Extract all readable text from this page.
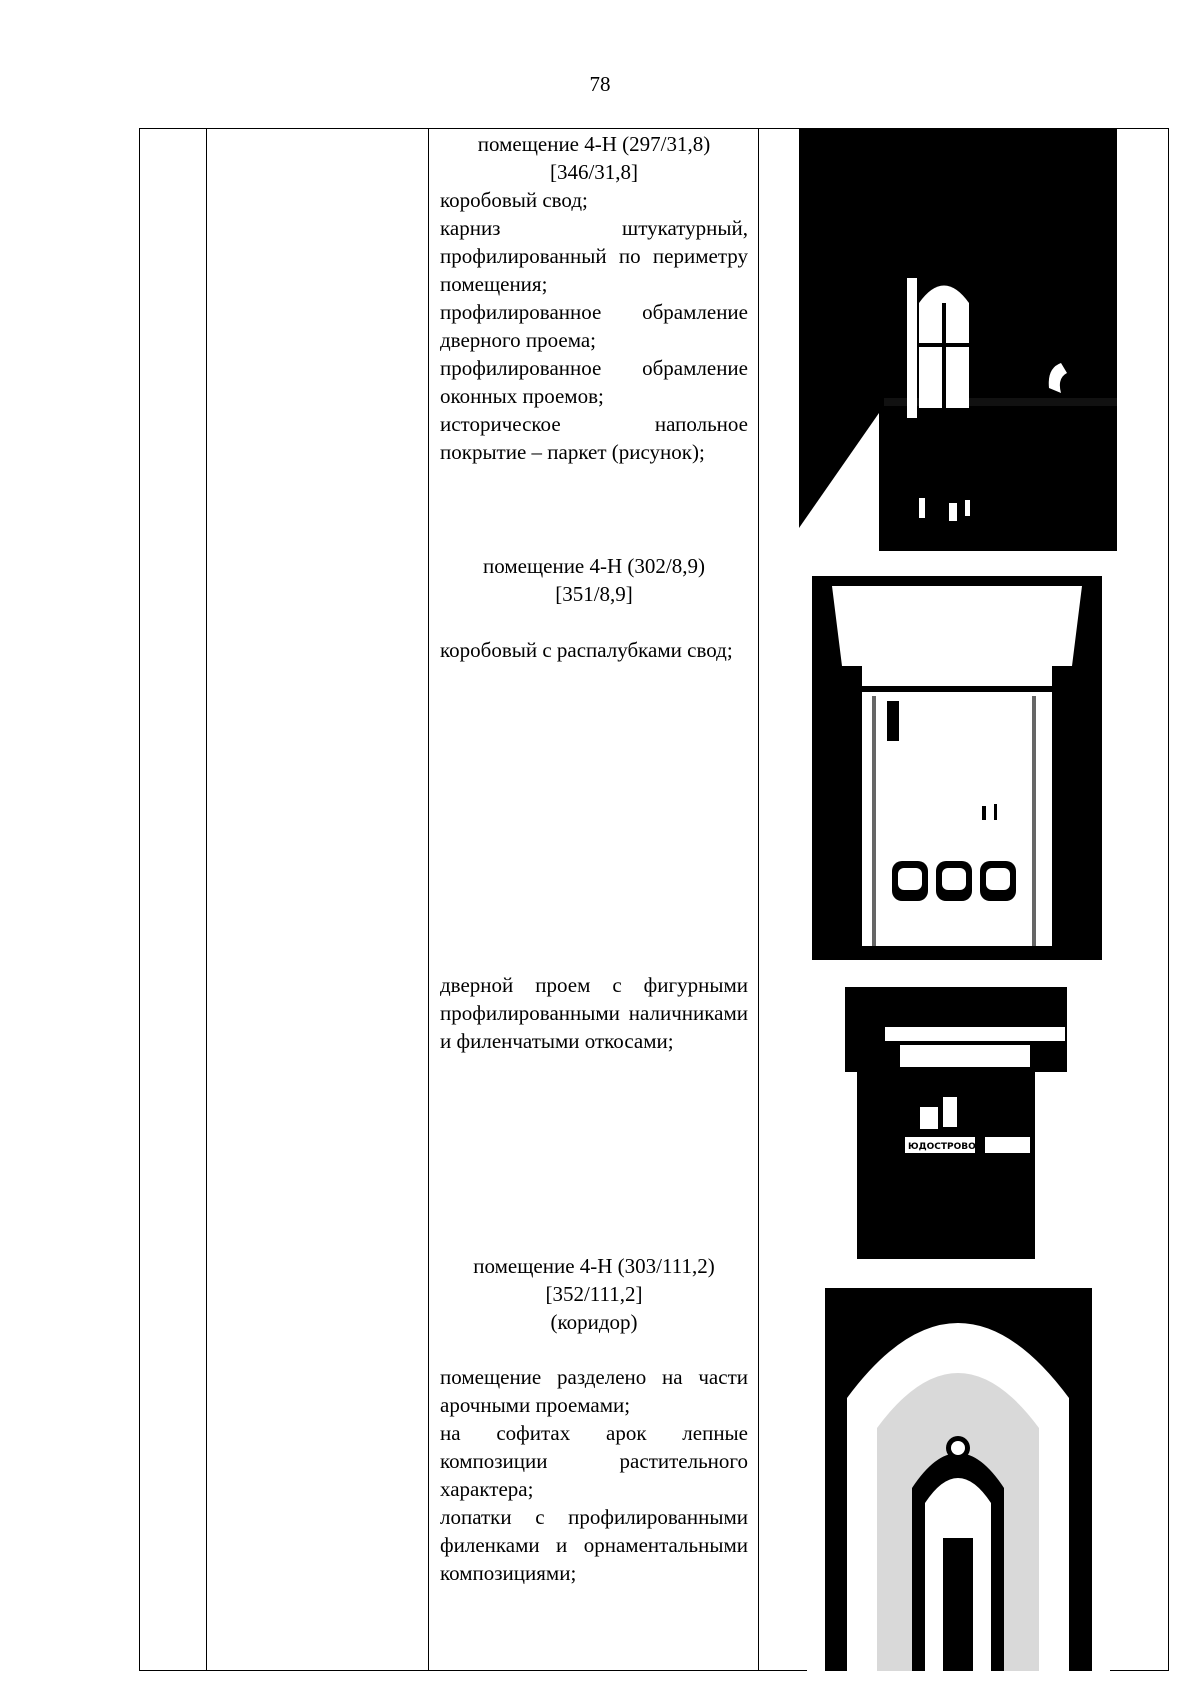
78
помещение 4-Н (297/31,8)
[346/31,8]
коробовый свод;
карниз штукатурный, профилированный по периметру помещения;
профилированное обрамление дверного проема;
профилированное обрамление оконных проемов;
историческое напольное покрытие – паркет (рисунок);
помещение 4-Н (302/8,9)
[351/8,9]
коробовый с распалубками свод;
дверной проем с фигурными профилированными наличниками и филенчатыми откосами;
помещение 4-Н (303/111,2)
[352/111,2]
(коридор)
помещение разделено на части арочными проемами;
на софитах арок лепные композиции растительного характера;
лопатки с профилированными филенками и орнаментальными композициями;
ЮДОСТРОВО
